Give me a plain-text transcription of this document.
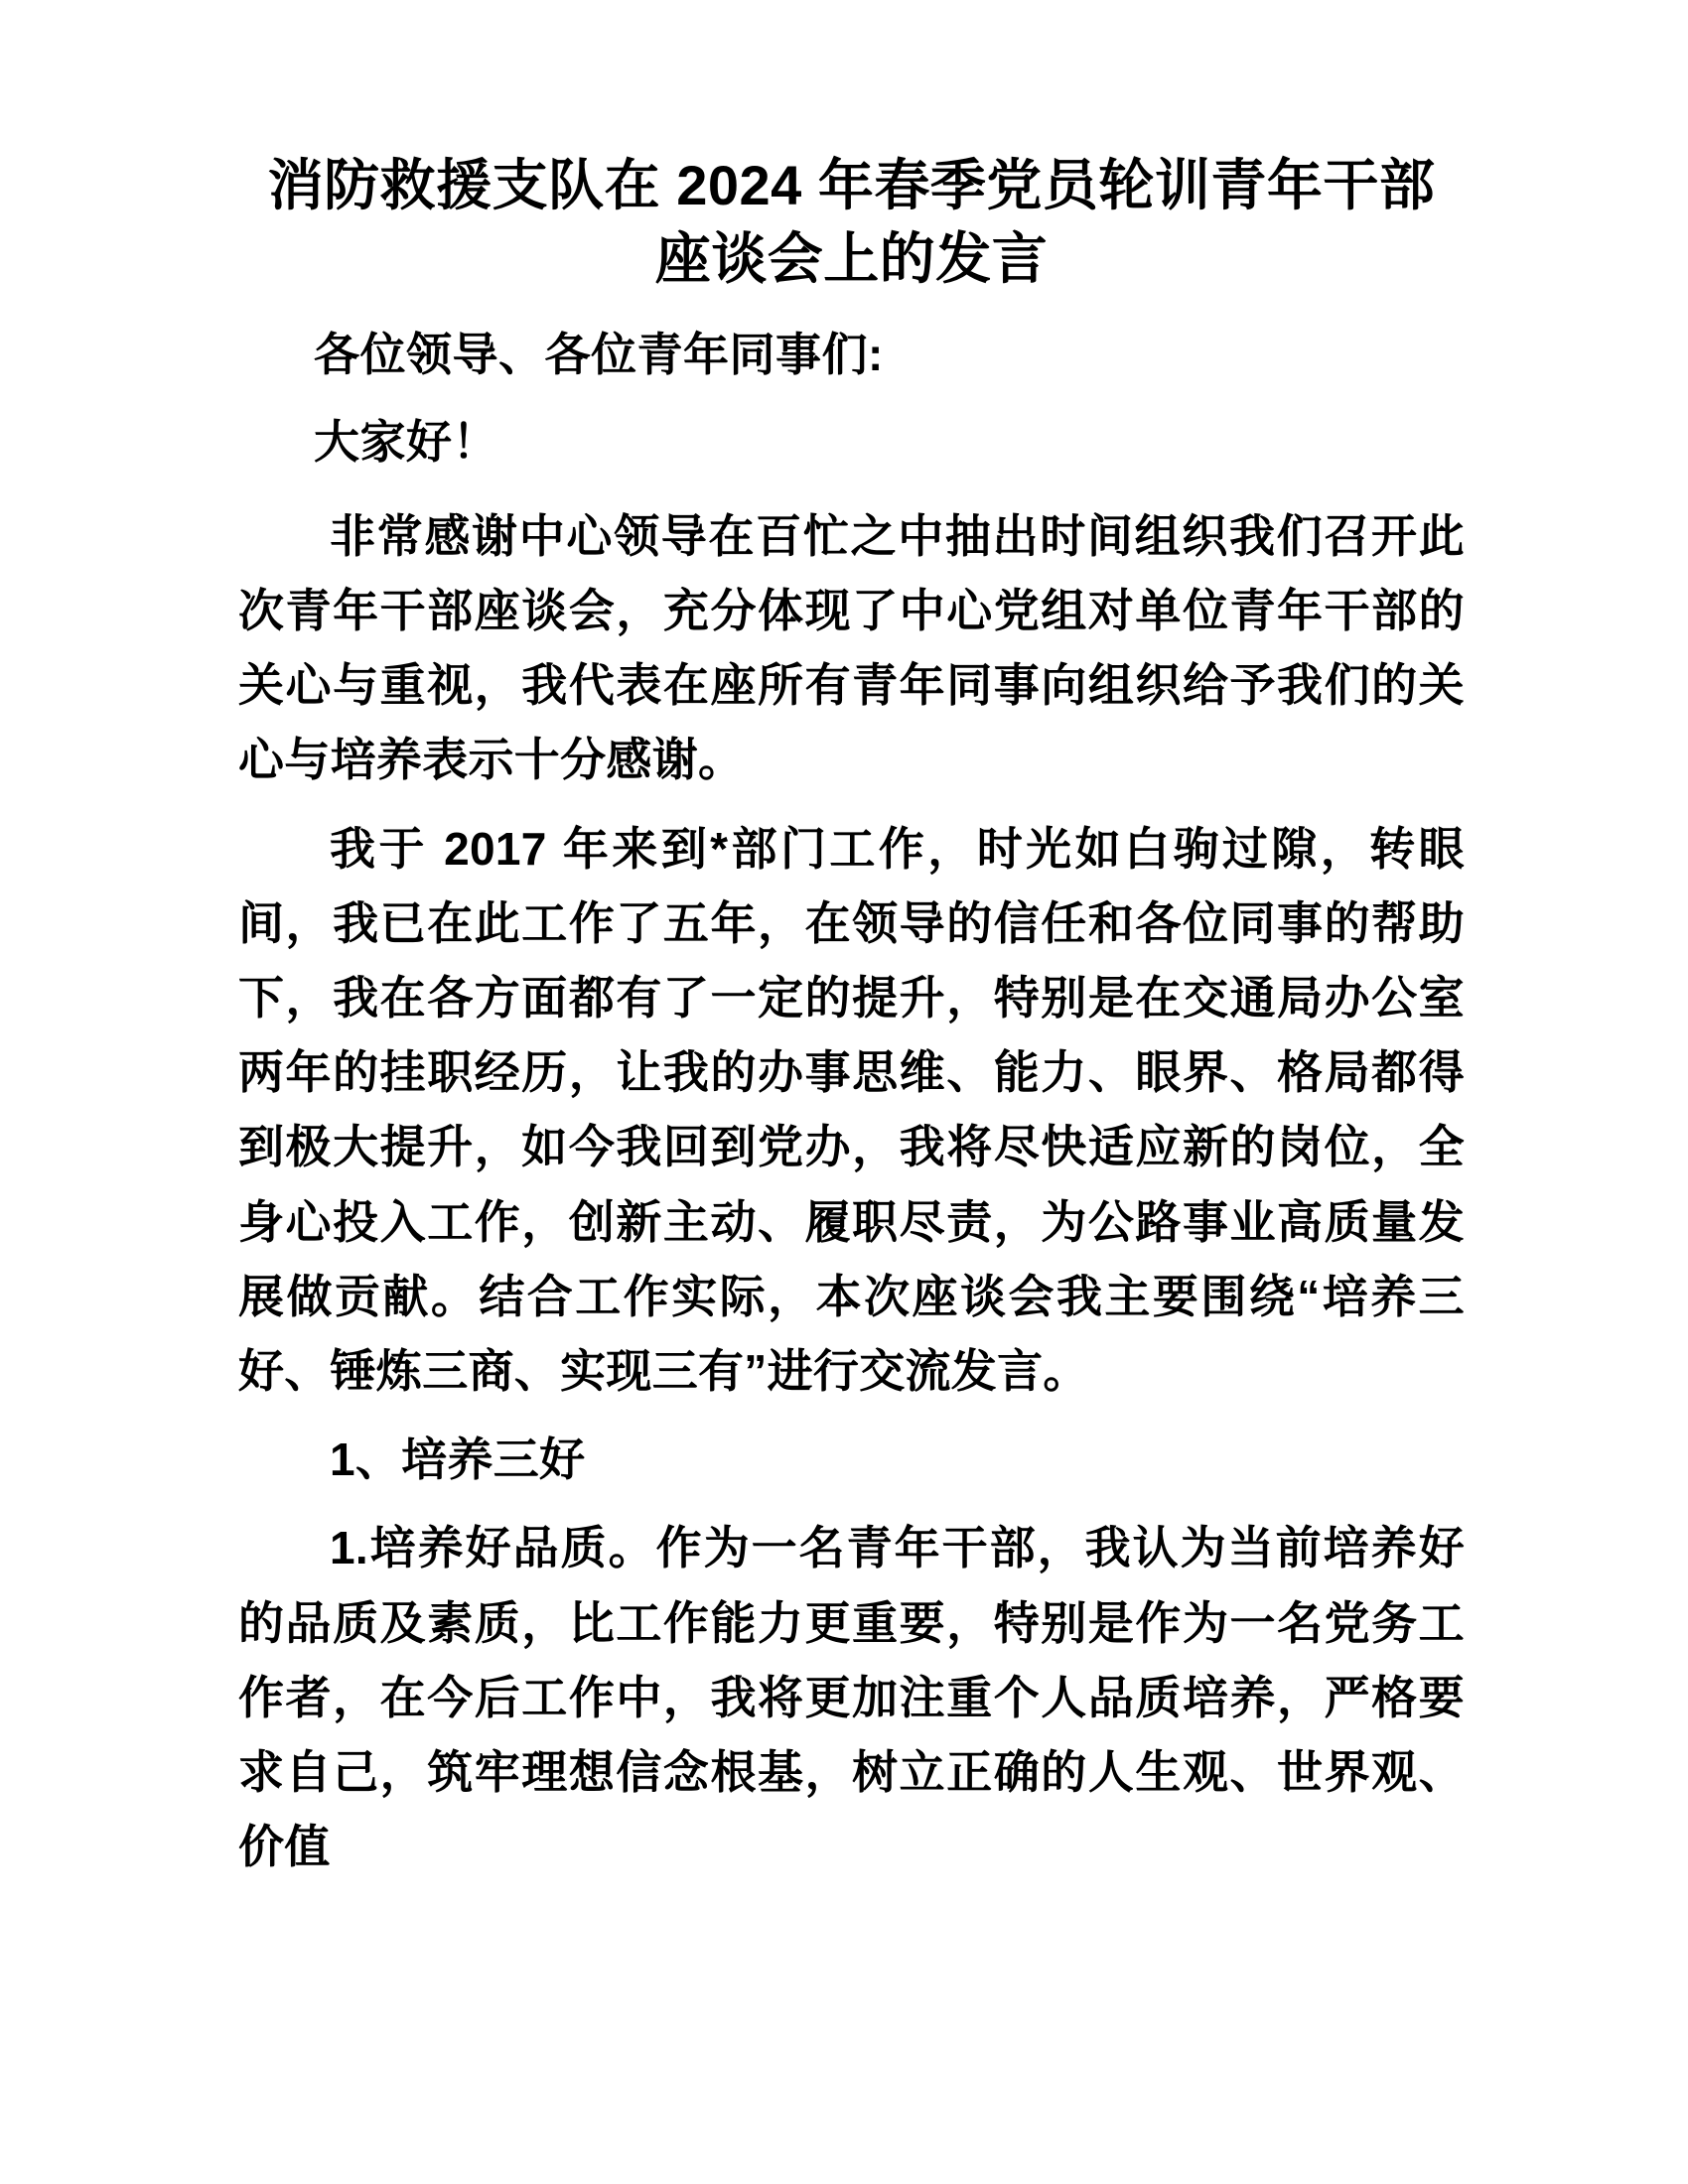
消防救援支队在 2024 年春季党员轮训青年干部
座谈会上的发言

各位领导、各位青年同事们:

大家好！

非常感谢中心领导在百忙之中抽出时间组织我们召开此次青年干部座谈会，充分体现了中心党组对单位青年干部的关心与重视，我代表在座所有青年同事向组织给予我们的关心与培养表示十分感谢。

我于 2017 年来到*部门工作，时光如白驹过隙，转眼间，我已在此工作了五年，在领导的信任和各位同事的帮助下，我在各方面都有了一定的提升，特别是在交通局办公室两年的挂职经历，让我的办事思维、能力、眼界、格局都得到极大提升，如今我回到党办，我将尽快适应新的岗位，全身心投入工作，创新主动、履职尽责，为公路事业高质量发展做贡献。结合工作实际，本次座谈会我主要围绕“培养三好、锤炼三商、实现三有”进行交流发言。

1、培养三好

1.培养好品质。作为一名青年干部，我认为当前培养好的品质及素质，比工作能力更重要，特别是作为一名党务工作者，在今后工作中，我将更加注重个人品质培养，严格要求自己，筑牢理想信念根基，树立正确的人生观、世界观、价值
